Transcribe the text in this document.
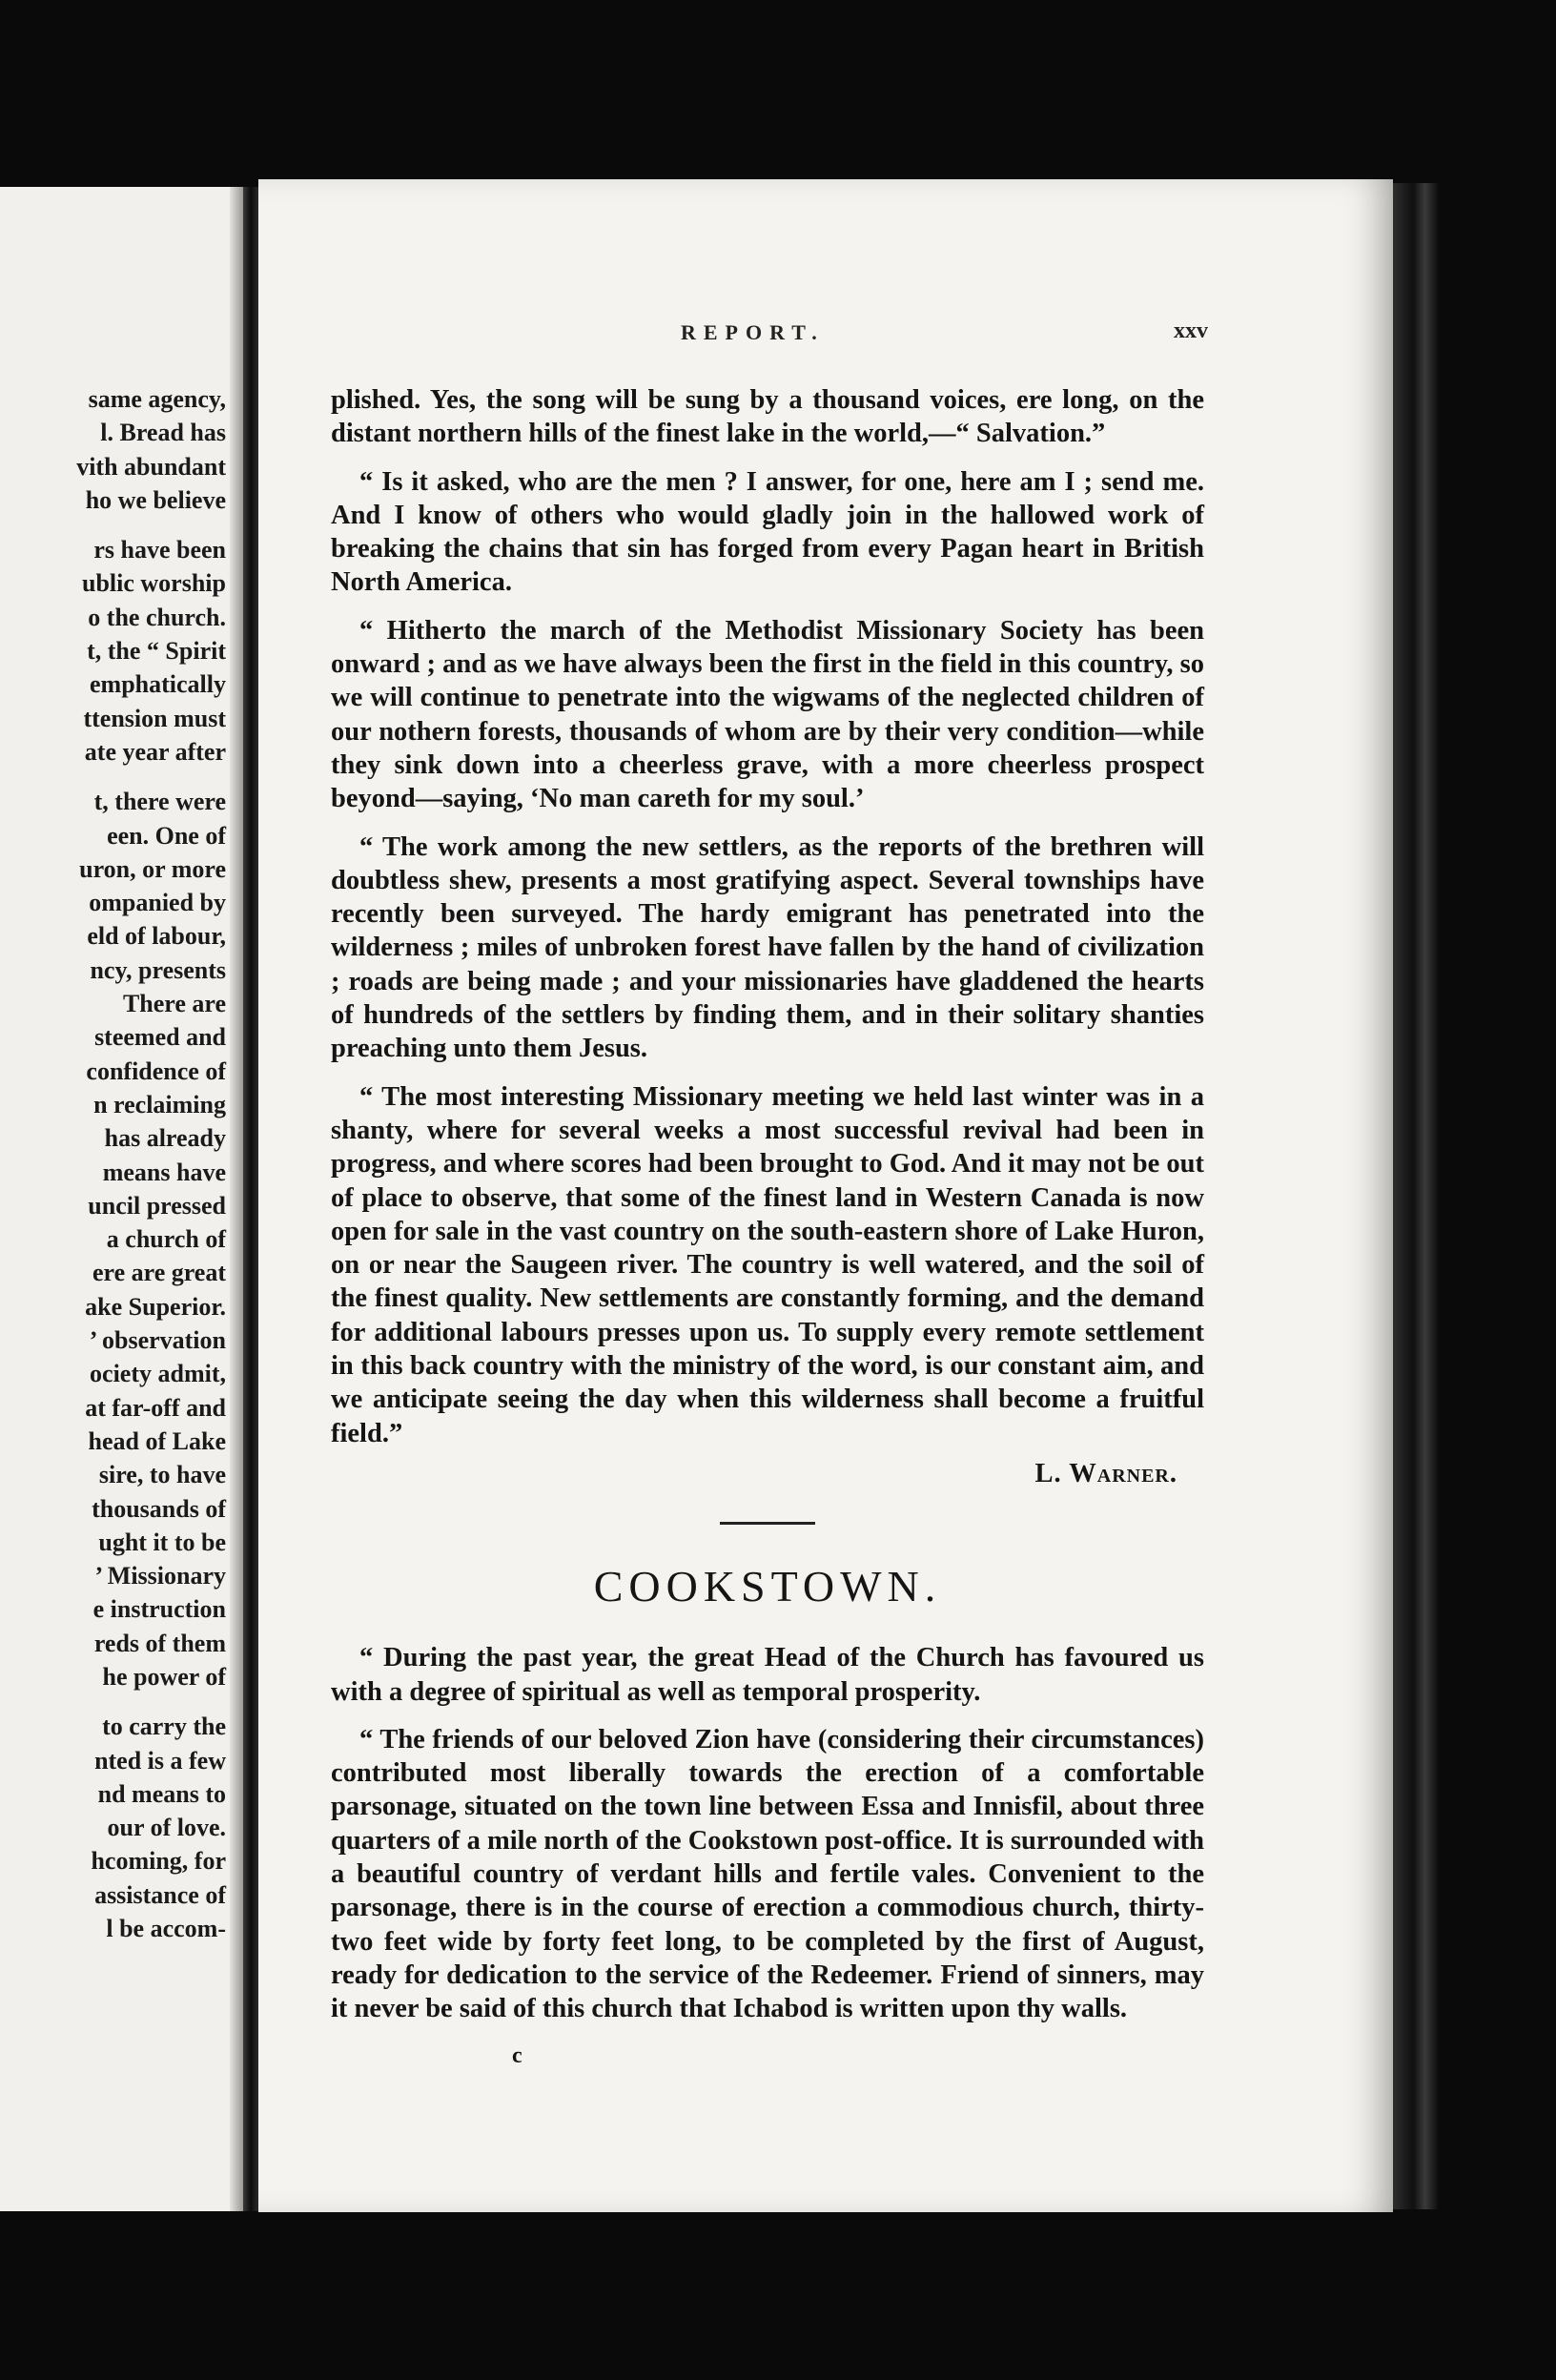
same agency,
l. Bread has
vith abundant
ho we believe
rs have been
ublic worship
o the church.
t, the “ Spirit
emphatically
ttension must
ate year after
t, there were
een. One of
uron, or more
ompanied by
eld of labour,
ncy, presents
There are
steemed and
confidence of
n reclaiming
has already
means have
uncil pressed
a church of
ere are great
ake Superior.
’ observation
ociety admit,
at far-off and
head of Lake
sire, to have
thousands of
ught it to be
’ Missionary
e instruction
reds of them
he power of
to carry the
nted is a few
nd means to
our of love.
hcoming, for
assistance of
l be accom-
REPORT.	xxv

plished. Yes, the song will be sung by a thousand voices, ere long, on the distant northern hills of the finest lake in the world,—“ Salvation.”

“ Is it asked, who are the men ? I answer, for one, here am I ; send me. And I know of others who would gladly join in the hallowed work of breaking the chains that sin has forged from every Pagan heart in British North America.

“ Hitherto the march of the Methodist Missionary Society has been onward ; and as we have always been the first in the field in this country, so we will continue to penetrate into the wigwams of the neglected children of our nothern forests, thousands of whom are by their very condition—while they sink down into a cheerless grave, with a more cheerless prospect beyond—saying, ‘No man careth for my soul.’

“ The work among the new settlers, as the reports of the brethren will doubtless shew, presents a most gratifying aspect. Several townships have recently been surveyed. The hardy emigrant has penetrated into the wilderness ; miles of unbroken forest have fallen by the hand of civilization ; roads are being made ; and your missionaries have gladdened the hearts of hundreds of the settlers by finding them, and in their solitary shanties preaching unto them Jesus.

“ The most interesting Missionary meeting we held last winter was in a shanty, where for several weeks a most successful revival had been in progress, and where scores had been brought to God. And it may not be out of place to observe, that some of the finest land in Western Canada is now open for sale in the vast country on the south-eastern shore of Lake Huron, on or near the Saugeen river. The country is well watered, and the soil of the finest quality. New settlements are constantly forming, and the demand for additional labours presses upon us. To supply every remote settlement in this back country with the ministry of the word, is our constant aim, and we anticipate seeing the day when this wilderness shall become a fruitful field.”

L. Warner.
COOKSTOWN.

“ During the past year, the great Head of the Church has favoured us with a degree of spiritual as well as temporal prosperity.

“ The friends of our beloved Zion have (considering their circumstances) contributed most liberally towards the erection of a comfortable parsonage, situated on the town line between Essa and Innisfil, about three quarters of a mile north of the Cookstown post-office. It is surrounded with a beautiful country of verdant hills and fertile vales. Convenient to the parsonage, there is in the course of erection a commodious church, thirty-two feet wide by forty feet long, to be completed by the first of August, ready for dedication to the service of the Redeemer. Friend of sinners, may it never be said of this church that Ichabod is written upon thy walls.

c
